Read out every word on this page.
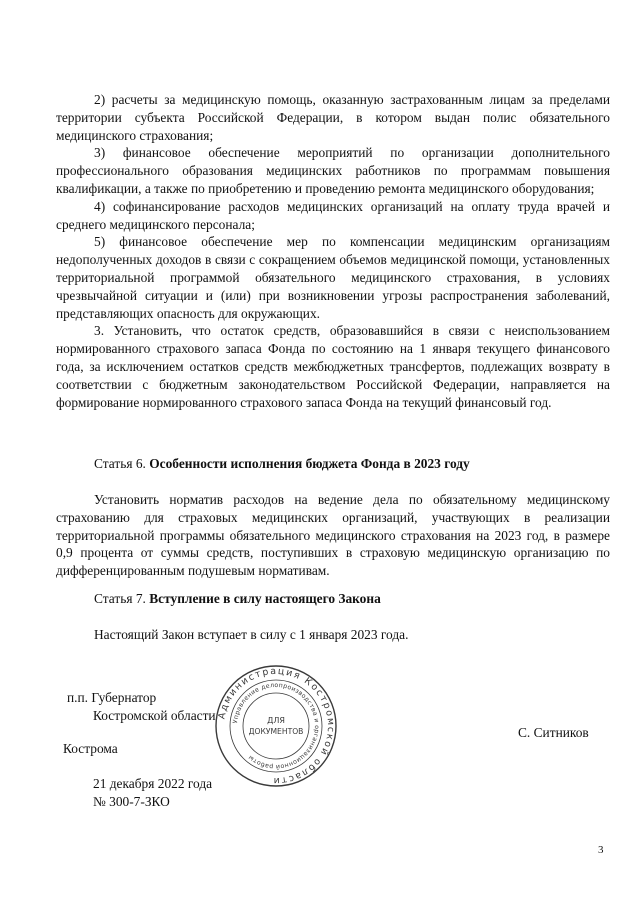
2) расчеты за медицинскую помощь, оказанную застрахованным лицам за пределами территории субъекта Российской Федерации, в котором выдан полис обязательного медицинского страхования;

3) финансовое обеспечение мероприятий по организации дополнительного профессионального образования медицинских работников по программам повышения квалификации, а также по приобретению и проведению ремонта медицинского оборудования;

4) софинансирование расходов медицинских организаций на оплату труда врачей и среднего медицинского персонала;

5) финансовое обеспечение мер по компенсации медицинским организациям недополученных доходов в связи с сокращением объемов медицинской помощи, установленных территориальной программой обязательного медицинского страхования, в условиях чрезвычайной ситуации и (или) при возникновении угрозы распространения заболеваний, представляющих опасность для окружающих.

3. Установить, что остаток средств, образовавшийся в связи с неиспользованием нормированного страхового запаса Фонда по состоянию на 1 января текущего финансового года, за исключением остатков средств межбюджетных трансфертов, подлежащих возврату в соответствии с бюджетным законодательством Российской Федерации, направляется на формирование нормированного страхового запаса Фонда на текущий финансовый год.

Статья 6. Особенности исполнения бюджета Фонда в 2023 году

Установить норматив расходов на ведение дела по обязательному медицинскому страхованию для страховых медицинских организаций, участвующих в реализации территориальной программы обязательного медицинского страхования на 2023 год, в размере 0,9 процента от суммы средств, поступивших в страховую медицинскую организацию по дифференцированным подушевым нормативам.

Статья 7. Вступление в силу настоящего Закона
Настоящий Закон вступает в силу с 1 января 2023 года.
п.п. Губернатор
Костромской области
С. Ситников
Кострома
21 декабря 2022 года
№ 300-7-ЗКО
Администрация Костромской области
Управление делопроизводства и организационной работы
ДЛЯ
ДОКУМЕНТОВ
3
